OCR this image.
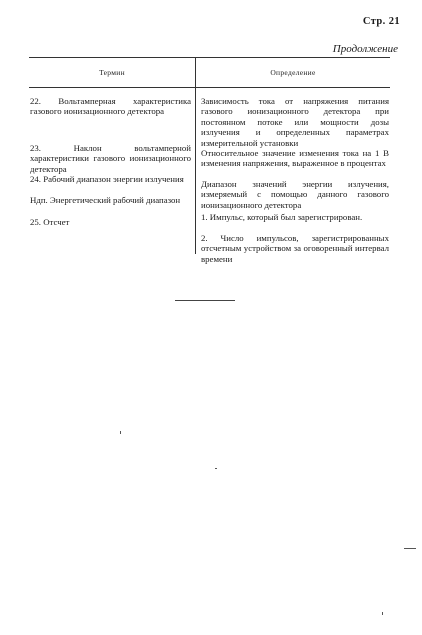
Стр. 21
Продолжение
Термин	Определение
22. Вольтамперная характеристика газового ионизационного детектора
Зависимость тока от напряжения питания газового ионизационного детектора при постоянном потоке или мощности дозы излучения и определенных параметрах измерительной установки
23. Наклон вольтамперной характеристики газового ионизационного детектора
Относительное значение изменения тока на 1 В изменения напряжения, выраженное в процентах
24. Рабочий диапазон энергии излучения
Ндп. Энергетический рабочий диапазон
Диапазон значений энергии излучения, измеряемый с помощью данного газового ионизационного детектора
25. Отсчет	1. Импульс, который был зарегистрирован.
2. Число импульсов, зарегистрированных отсчетным устройством за оговоренный интервал времени
